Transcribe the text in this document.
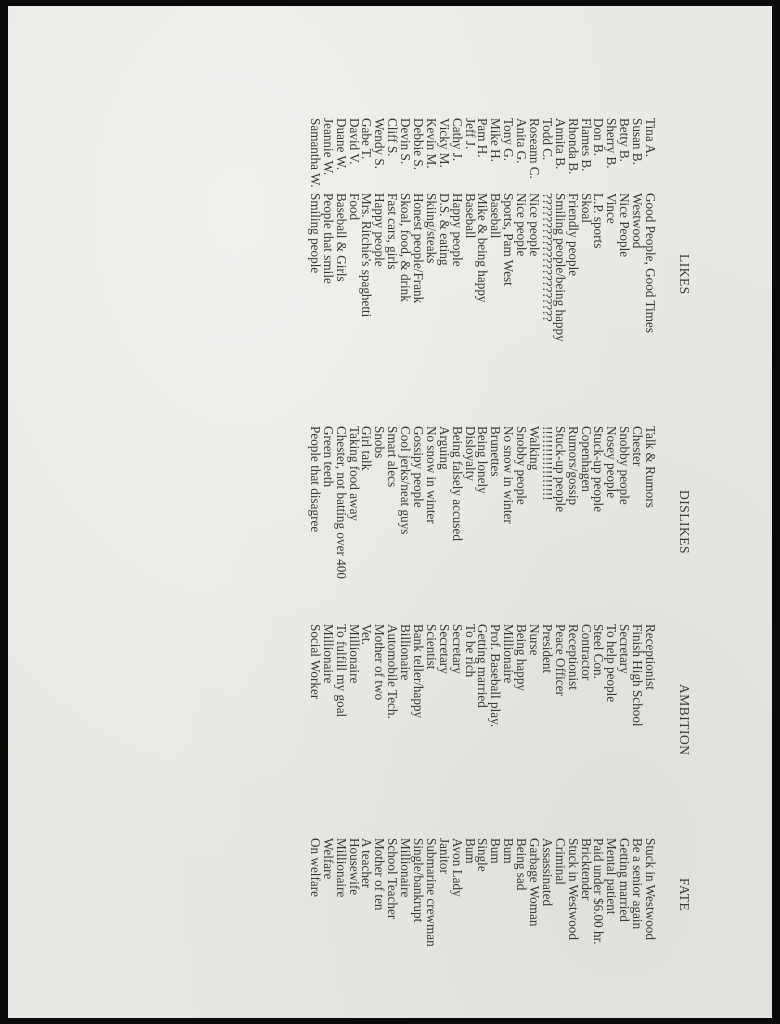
LIKES
DISLIKES
AMBITION
FATE
Tina A.
Susan B.
Betty B.
Sherry B.
Don B.
Flames B.
Rhonda B.
Annita B.
Todd C.
Roseann C.
Anita G.
Tony G.
Mike H.
Pam H.
Jeff J.
Cathy J.
Vicky M.
Kevin M.
Debbie S.
Devin S.
Cliff S.
Wendy S.
Gabe T.
David V.
Duane W.
Jeannie W.
Samantha W.
Good People, Good Times
Westwood
Nice People
Vince
L.P. sports
Skoal
Friendly people
Smiling people/being happy
??????????????????????
Nice people
Nice people
Sports, Pam West
Baseball
Mike & being happy
Baseball
Happy people
D.S. & eating
Skiing/steaks
Honest people/Frank
Skoal, food, & drink
Fast cars, girls
Happy people
Mrs. Ritchie's spaghetti
Food
Baseball & Girls
People that smile
Smiling people
Talk & Rumors
Chester
Snobby people
Nosey people
Stuck-up people
Copenhagen
Rumors/gossip
Stuck-up people
!!!!!!!!!!!!!!!!!
Walking
Snobby people
No snow in winter
Brunettes
Being lonely
Disloyalty
Being falsely accused
Arguing
No snow in winter
Gossipy people
Cool jerks/neat guys
Smart alecs
Snobs
Girl talk
Taking food away
Chester, not batting over 400
Green teeth
People that disagree
Receptionist
Finish High School
Secretary
To help people
Steel Con.
Contractor
Receptionist
Peace Officer
President
Nurse
Being happy
Millionaire
Prof. Baseball play.
Getting married
To be rich
Secretary
Secretary
Scientist
Bank teller/happy
Billionaire
Automobile Tech.
Mother of two
Vet.
Millionaire
To fulfill my goal
Millionaire
Social Worker
Stuck in Westwood
Be a senior again
Getting married
Mental patient
Paid under $6.00 hr.
Bricktender
Stuck in Westwood
Criminal
Assassinated
Garbage Woman
Being sad
Bum
Bum
Single
Bum
Avon Lady
Janitor
Submarine crewman
Single/bankrupt
Millionaire
School Teacher
Mother of ten
A teacher
Housewife
Millionaire
Welfare
On welfare
